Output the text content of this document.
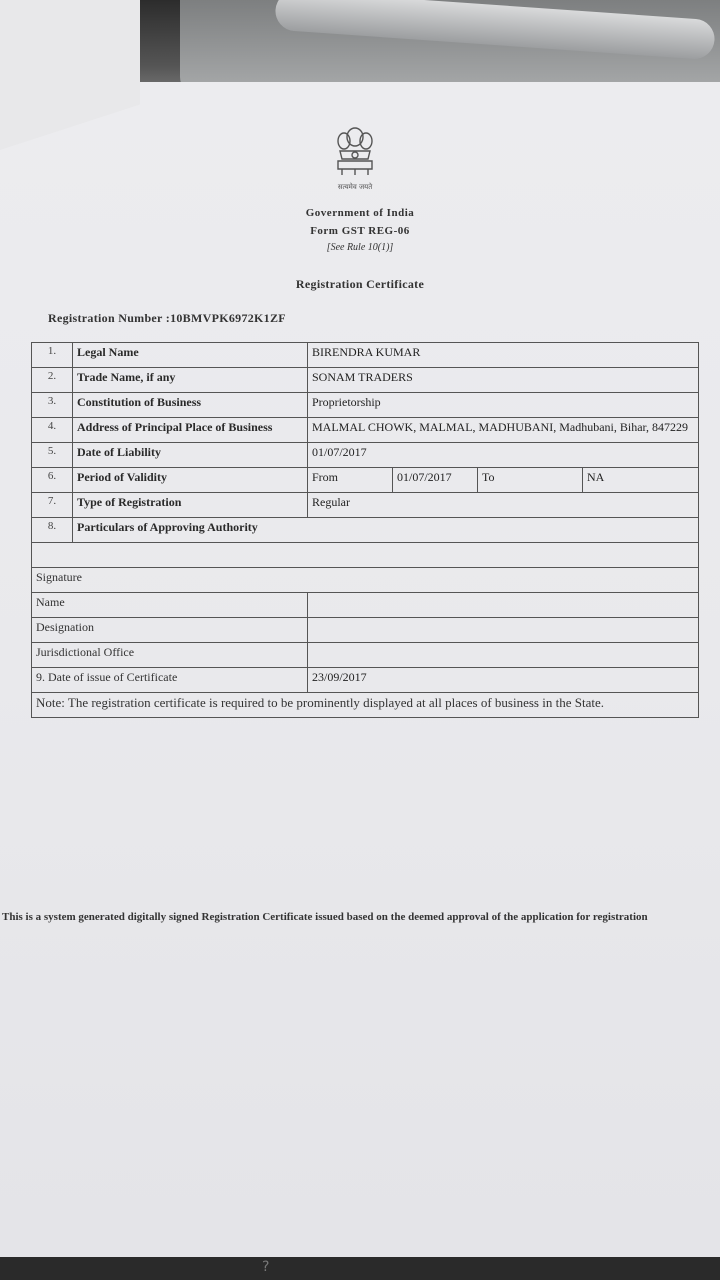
?
सत्यमेव जयते
Government of India
Form GST REG-06
[See Rule 10(1)]
Registration Certificate
Registration Number :10BMVPK6972K1ZF
1.	Legal Name	BIRENDRA KUMAR			
2.	Trade Name, if any	SONAM TRADERS			
3.	Constitution of Business	Proprietorship			
4.	Address of Principal Place of Business	MALMAL CHOWK, MALMAL, MADHUBANI, Madhubani, Bihar, 847229			
5.	Date of Liability	01/07/2017			
6.	Period of Validity	From	01/07/2017	To	NA
7.	Type of Registration	Regular			
8.	Particulars of Approving Authority				

Signature					
Name					
Designation					
Jurisdictional Office					
9. Date of issue of Certificate		23/09/2017			
Note: The registration certificate is required to be prominently displayed at all places of business in the State.					
This is a system generated digitally signed Registration Certificate issued based on the deemed approval of the application for registration
